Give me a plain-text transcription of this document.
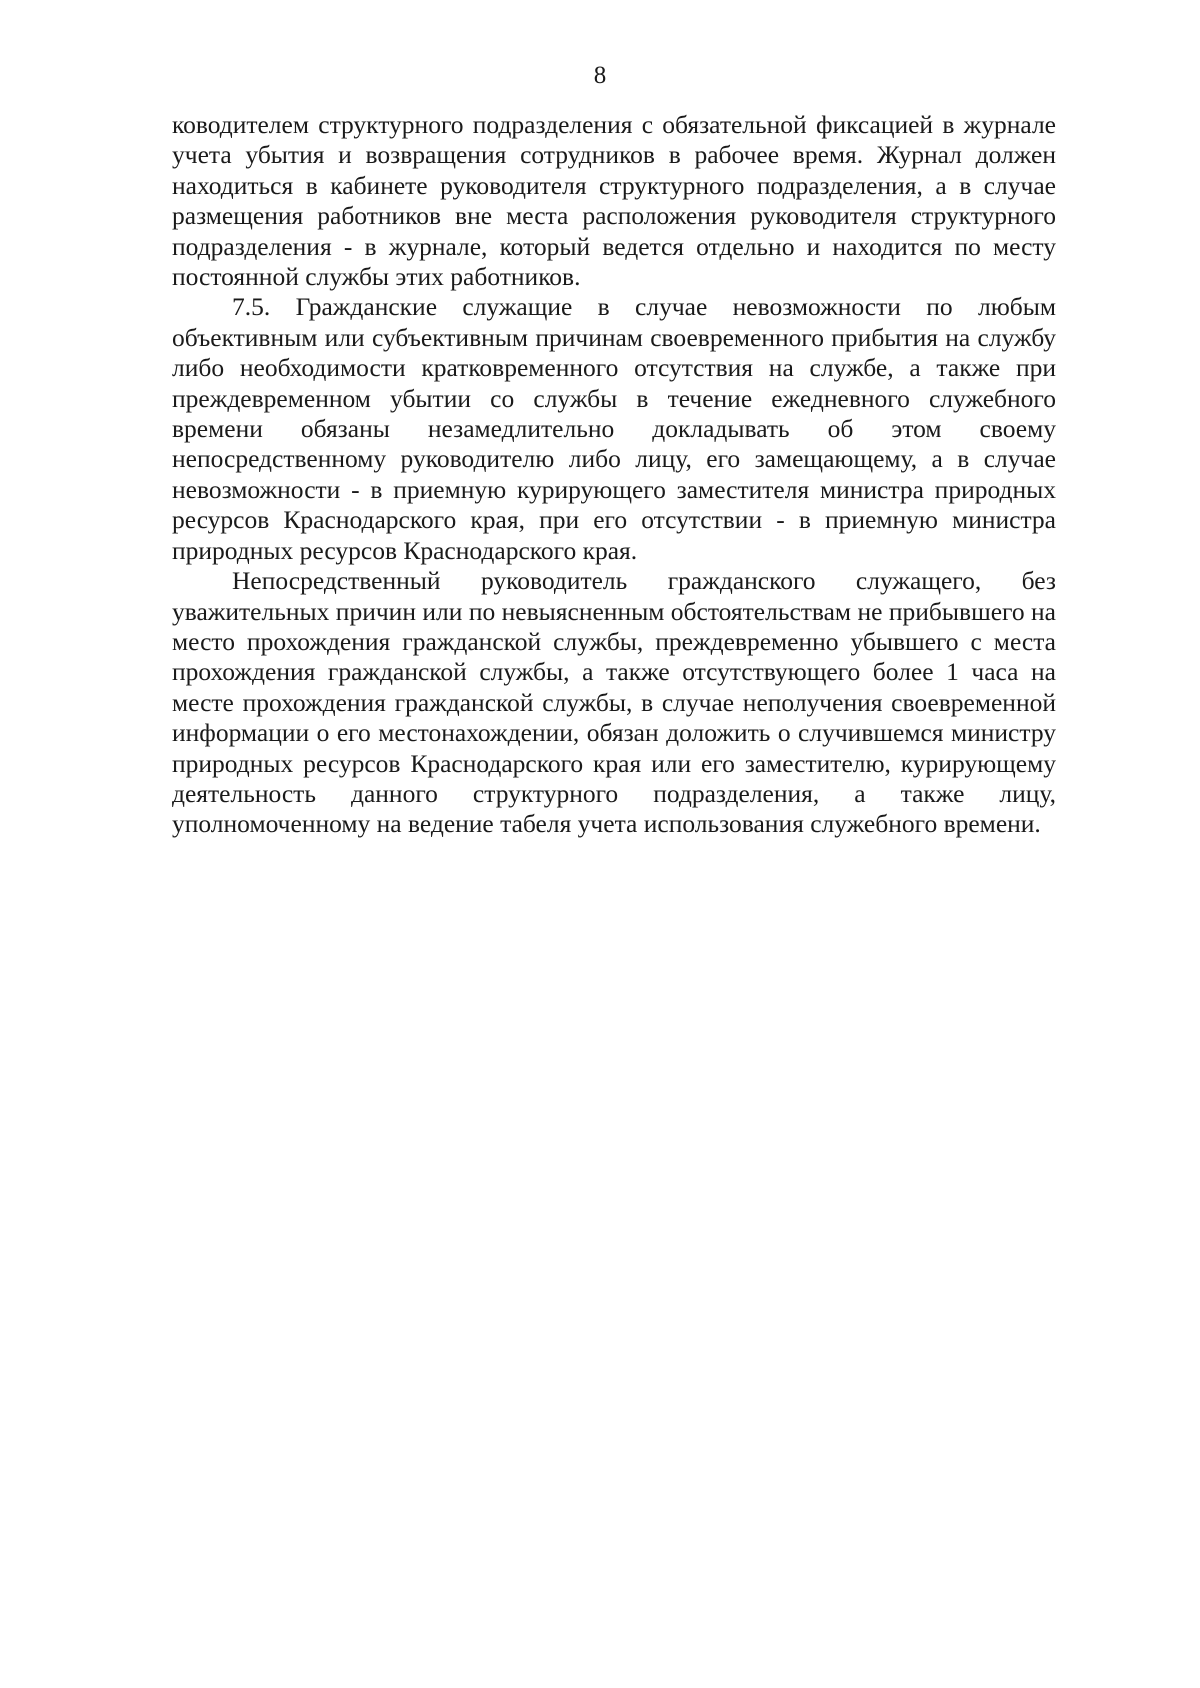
8

ководителем структурного подразделения с обязательной фиксацией в журнале учета убытия и возвращения сотрудников в рабочее время. Журнал должен находиться в кабинете руководителя структурного подразделения, а в случае размещения работников вне места расположения руководителя структурного подразделения - в журнале, который ведется отдельно и находится по месту постоянной службы этих работников.

7.5. Гражданские служащие в случае невозможности по любым объективным или субъективным причинам своевременного прибытия на службу либо необходимости кратковременного отсутствия на службе, а также при преждевременном убытии со службы в течение ежедневного служебного времени обязаны незамедлительно докладывать об этом своему непосредственному руководителю либо лицу, его замещающему, а в случае невозможности - в приемную курирующего заместителя министра природных ресурсов Краснодарского края, при его отсутствии - в приемную министра природных ресурсов Краснодарского края.

Непосредственный руководитель гражданского служащего, без уважительных причин или по невыясненным обстоятельствам не прибывшего на место прохождения гражданской службы, преждевременно убывшего с места прохождения гражданской службы, а также отсутствующего более 1 часа на месте прохождения гражданской службы, в случае неполучения своевременной информации о его местонахождении, обязан доложить о случившемся министру природных ресурсов Краснодарского края или его заместителю, курирующему деятельность данного структурного подразделения, а также лицу, уполномоченному на ведение табеля учета использования служебного времени.
